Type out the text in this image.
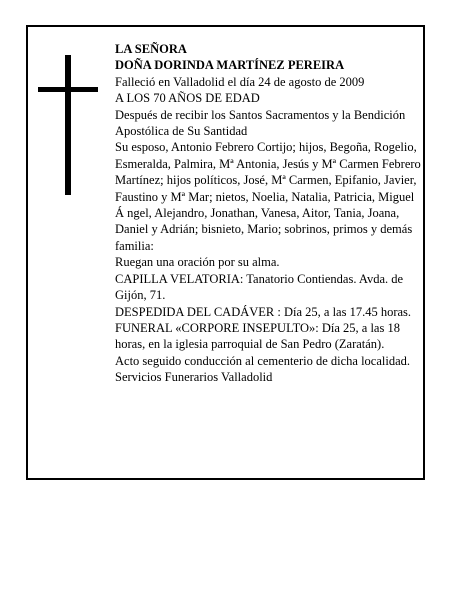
LA SEÑORA

DOÑA DORINDA MARTÍNEZ PEREIRA

Falleció en Valladolid el día 24 de agosto de 2009

A LOS 70 AÑOS DE EDAD

Después de recibir los Santos Sacramentos y la Bendición Apostólica de Su Santidad

Su esposo, Antonio Febrero Cortijo; hijos, Begoña, Rogelio, Esmeralda, Palmira, Mª Antonia, Jesús y Mª Carmen Febrero Martínez; hijos políticos, José, Mª Carmen, Epifanio, Javier, Faustino y Mª Mar; nietos, Noelia, Natalia, Patricia, Miguel Á ngel, Alejandro, Jonathan, Vanesa, Aitor, Tania, Joana, Daniel y Adrián; bisnieto, Mario; sobrinos, primos y demás familia:

Ruegan una oración por su alma.

CAPILLA VELATORIA: Tanatorio Contiendas. Avda. de Gijón, 71.

DESPEDIDA DEL CADÁVER : Día 25, a las 17.45 horas.

FUNERAL «CORPORE INSEPULTO»: Día 25, a las 18 horas, en la iglesia parroquial de San Pedro (Zaratán).

Acto seguido conducción al cementerio de dicha localidad.

Servicios Funerarios Valladolid
